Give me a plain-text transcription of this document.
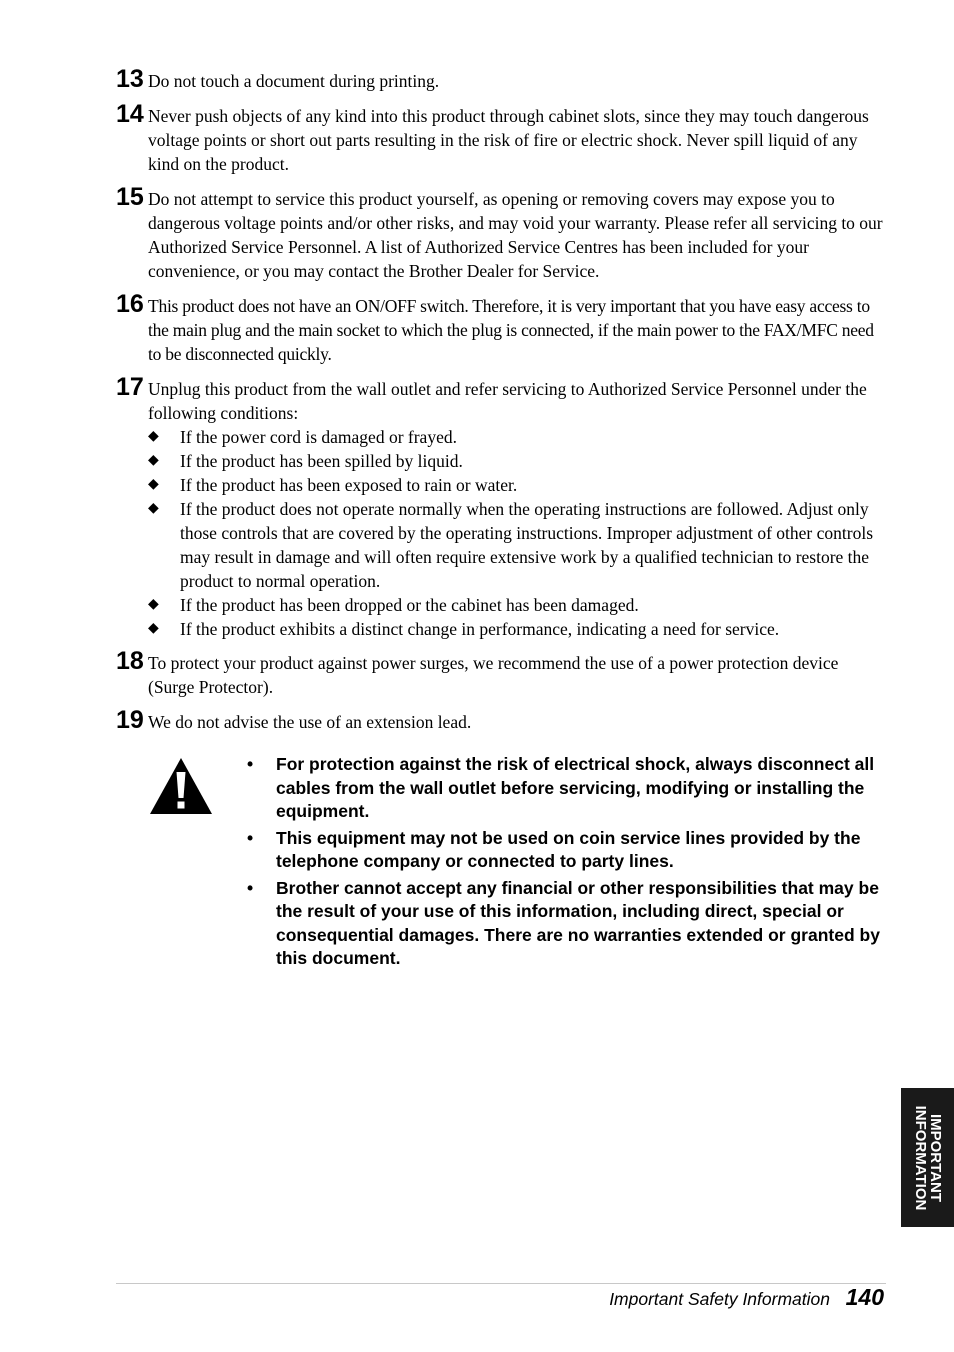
13 Do not touch a document during printing.
14 Never push objects of any kind into this product through cabinet slots, since they may touch dangerous voltage points or short out parts resulting in the risk of fire or electric shock. Never spill liquid of any kind on the product.
15 Do not attempt to service this product yourself, as opening or removing covers may expose you to dangerous voltage points and/or other risks, and may void your warranty. Please refer all servicing to our Authorized Service Personnel. A list of Authorized Service Centres has been included for your convenience, or you may contact the Brother Dealer for Service.
16 This product does not have an ON/OFF switch. Therefore, it is very important that you have easy access to the main plug and the main socket to which the plug is connected, if the main power to the FAX/MFC need to be disconnected quickly.
17 Unplug this product from the wall outlet and refer servicing to Authorized Service Personnel under the following conditions:
◆ If the power cord is damaged or frayed.
◆ If the product has been spilled by liquid.
◆ If the product has been exposed to rain or water.
◆ If the product does not operate normally when the operating instructions are followed. Adjust only those controls that are covered by the operating instructions. Improper adjustment of other controls may result in damage and will often require extensive work by a qualified technician to restore the product to normal operation.
◆ If the product has been dropped or the cabinet has been damaged.
◆ If the product exhibits a distinct change in performance, indicating a need for service.
18 To protect your product against power surges, we recommend the use of a power protection device (Surge Protector).
19 We do not advise the use of an extension lead.
• For protection against the risk of electrical shock, always disconnect all cables from the wall outlet before servicing, modifying or installing the equipment.
• This equipment may not be used on coin service lines provided by the telephone company or connected to party lines.
• Brother cannot accept any financial or other responsibilities that may be the result of your use of this information, including direct, special or consequential damages. There are no warranties extended or granted by this document.
IMPORTANT
INFORMATION
Important Safety Information 140
